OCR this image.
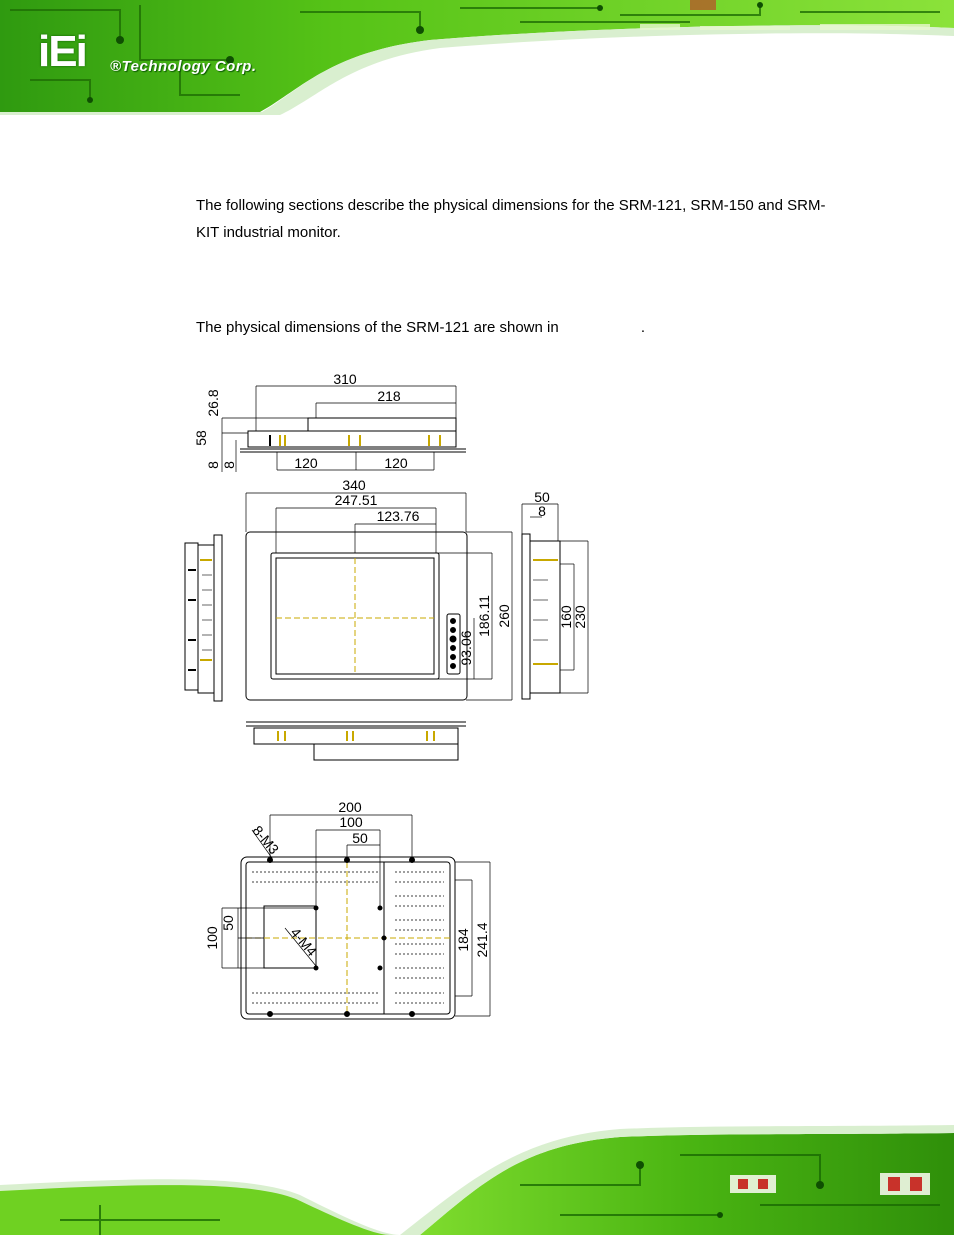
iEi ®Technology Corp.
The following sections describe the physical dimensions for the SRM-121, SRM-150 and SRM-KIT industrial monitor.
The physical dimensions of the SRM-121 are shown in	.
310
218
120	120
26.8
58
8 8
340
247.51
123.76
186.11
93.06
260
50
8
160
230
200
100
50
8-M3
4-M4
100
50
184 241.4
